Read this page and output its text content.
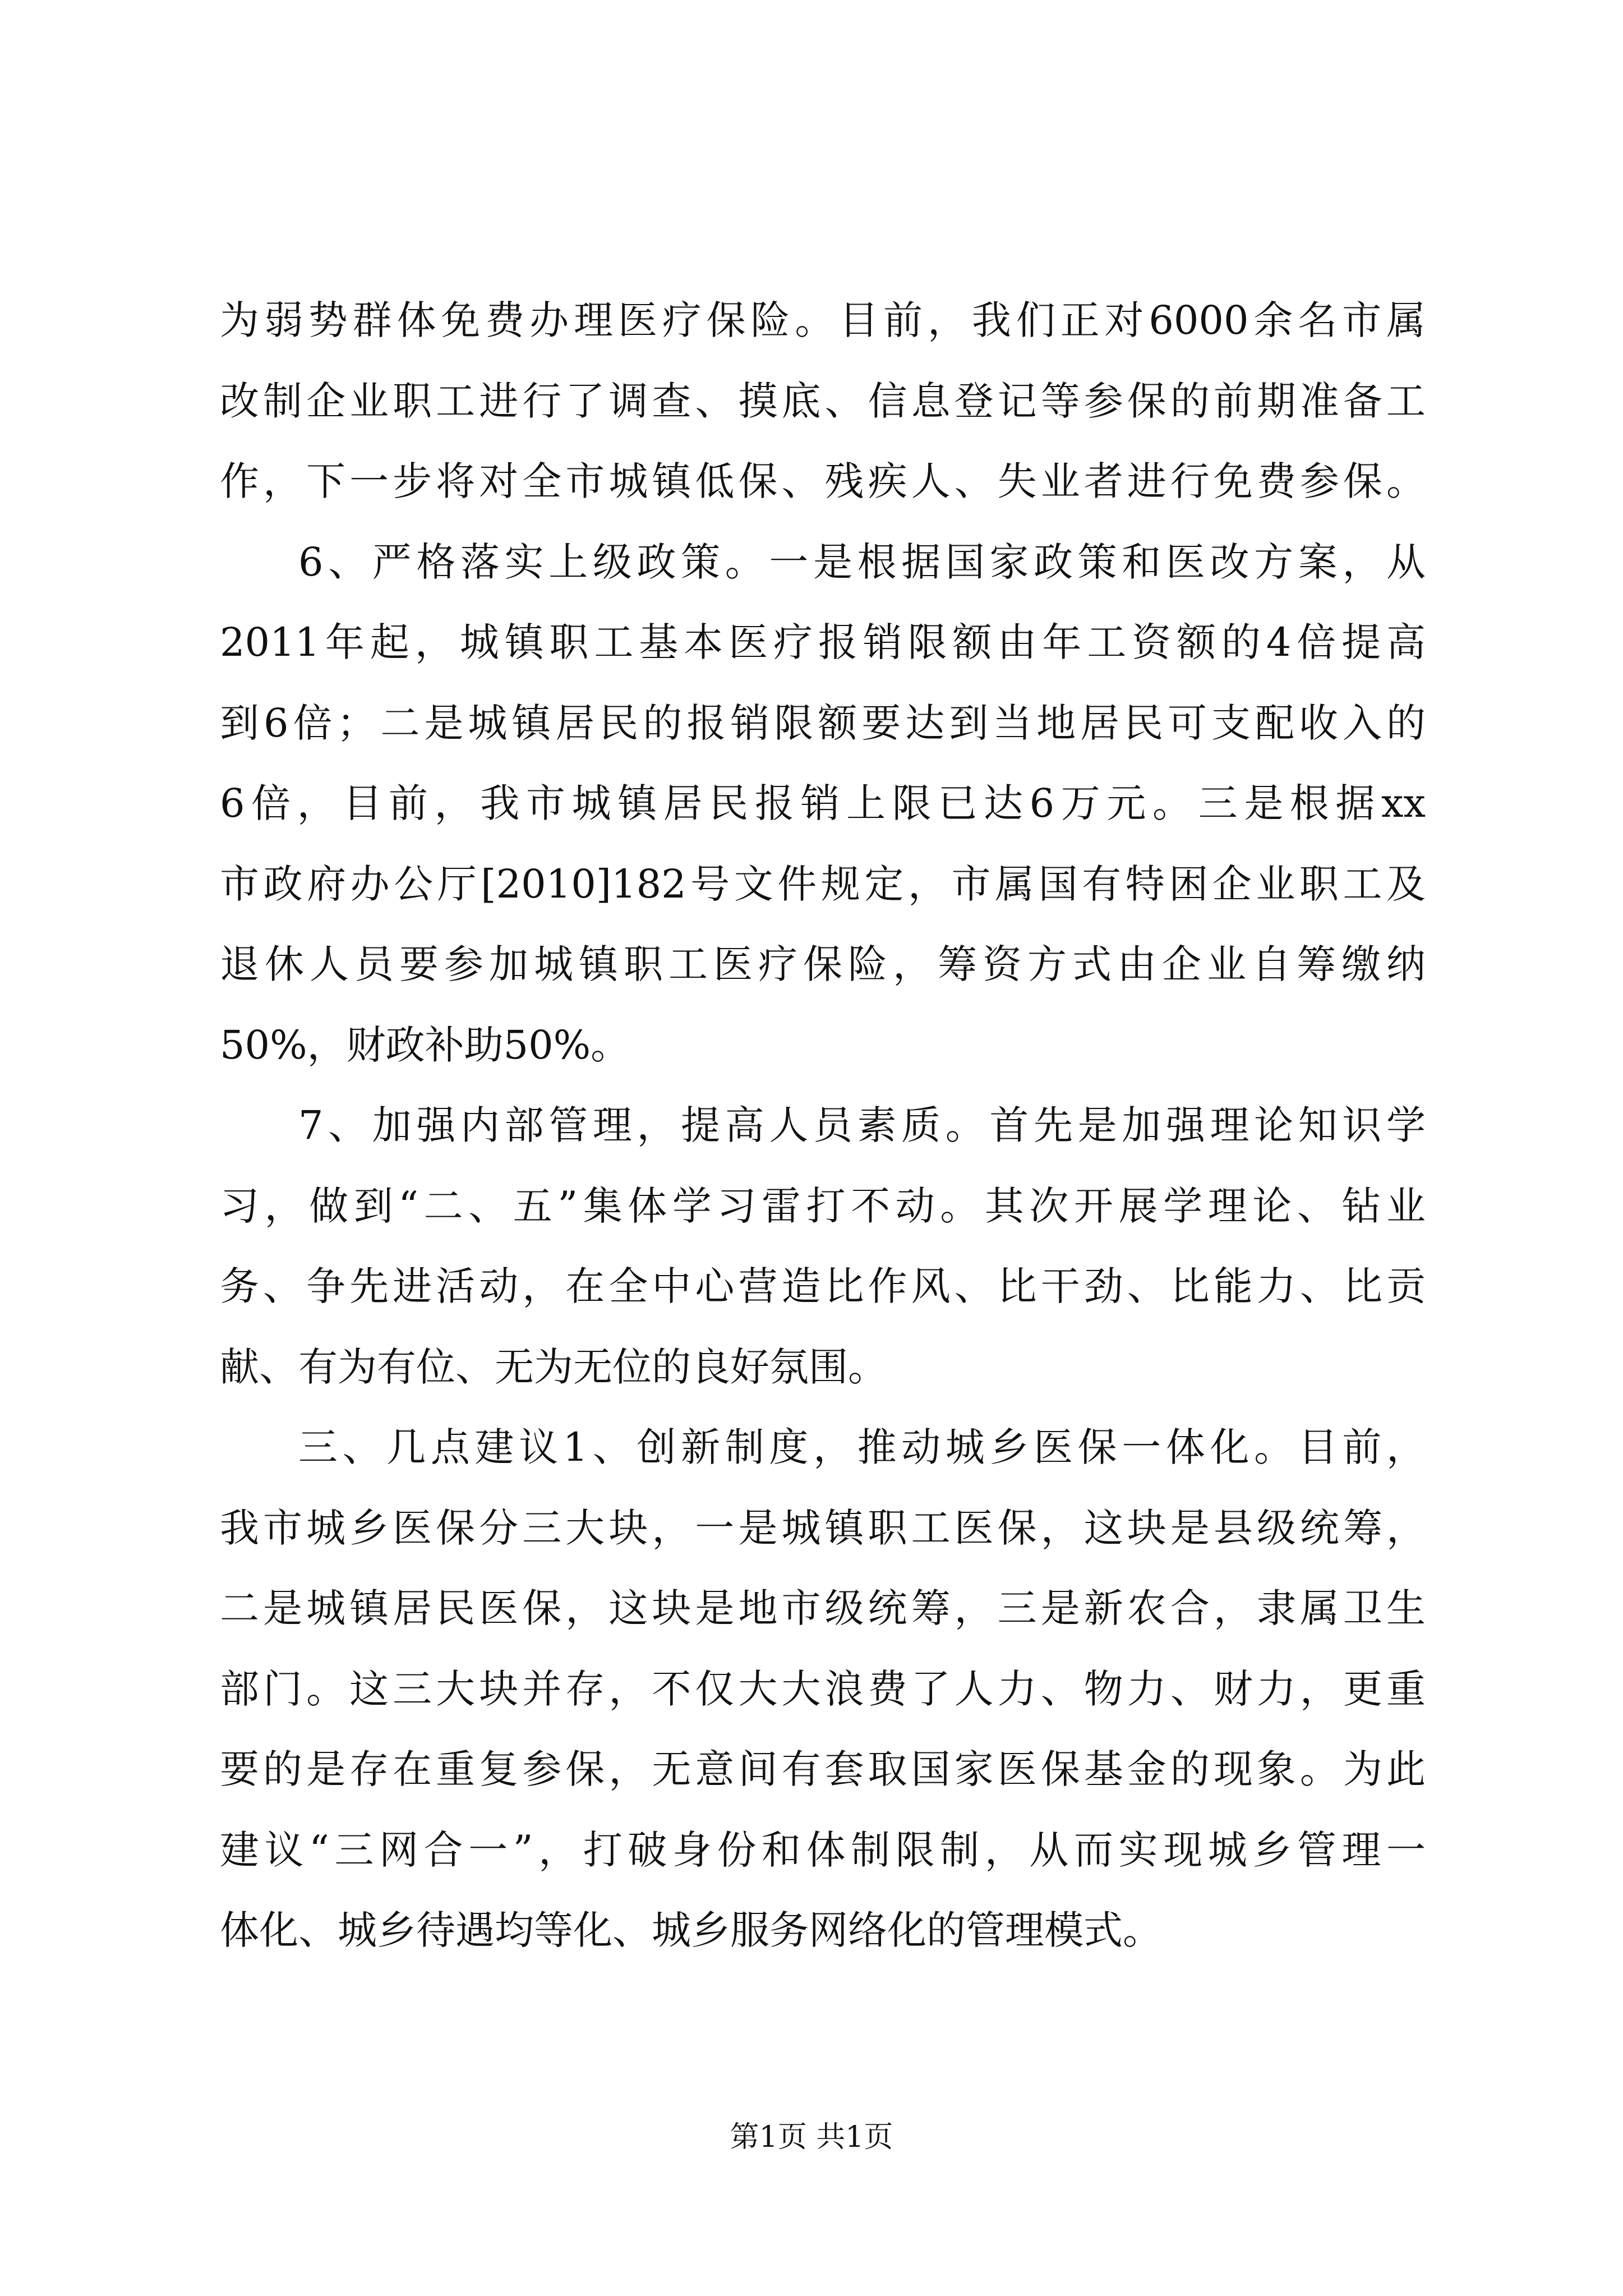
为弱势群体免费办理医疗保险。目前，我们正对6000余名市属
改制企业职工进行了调查、摸底、信息登记等参保的前期准备工
作，下一步将对全市城镇低保、残疾人、失业者进行免费参保。
6、严格落实上级政策。一是根据国家政策和医改方案，从
2011年起，城镇职工基本医疗报销限额由年工资额的4倍提高
到6倍；二是城镇居民的报销限额要达到当地居民可支配收入的
6倍，目前，我市城镇居民报销上限已达6万元。三是根据xx
市政府办公厅[2010]182号文件规定，市属国有特困企业职工及
退休人员要参加城镇职工医疗保险，筹资方式由企业自筹缴纳
50%，财政补助50%。
7、加强内部管理，提高人员素质。首先是加强理论知识学
习，做到“二、五”集体学习雷打不动。其次开展学理论、钻业
务、争先进活动，在全中心营造比作风、比干劲、比能力、比贡
献、有为有位、无为无位的良好氛围。
三、几点建议1、创新制度，推动城乡医保一体化。目前，
我市城乡医保分三大块，一是城镇职工医保，这块是县级统筹，
二是城镇居民医保，这块是地市级统筹，三是新农合，隶属卫生
部门。这三大块并存，不仅大大浪费了人力、物力、财力，更重
要的是存在重复参保，无意间有套取国家医保基金的现象。为此
建议“三网合一”，打破身份和体制限制，从而实现城乡管理一
体化、城乡待遇均等化、城乡服务网络化的管理模式。
第1页 共1页
